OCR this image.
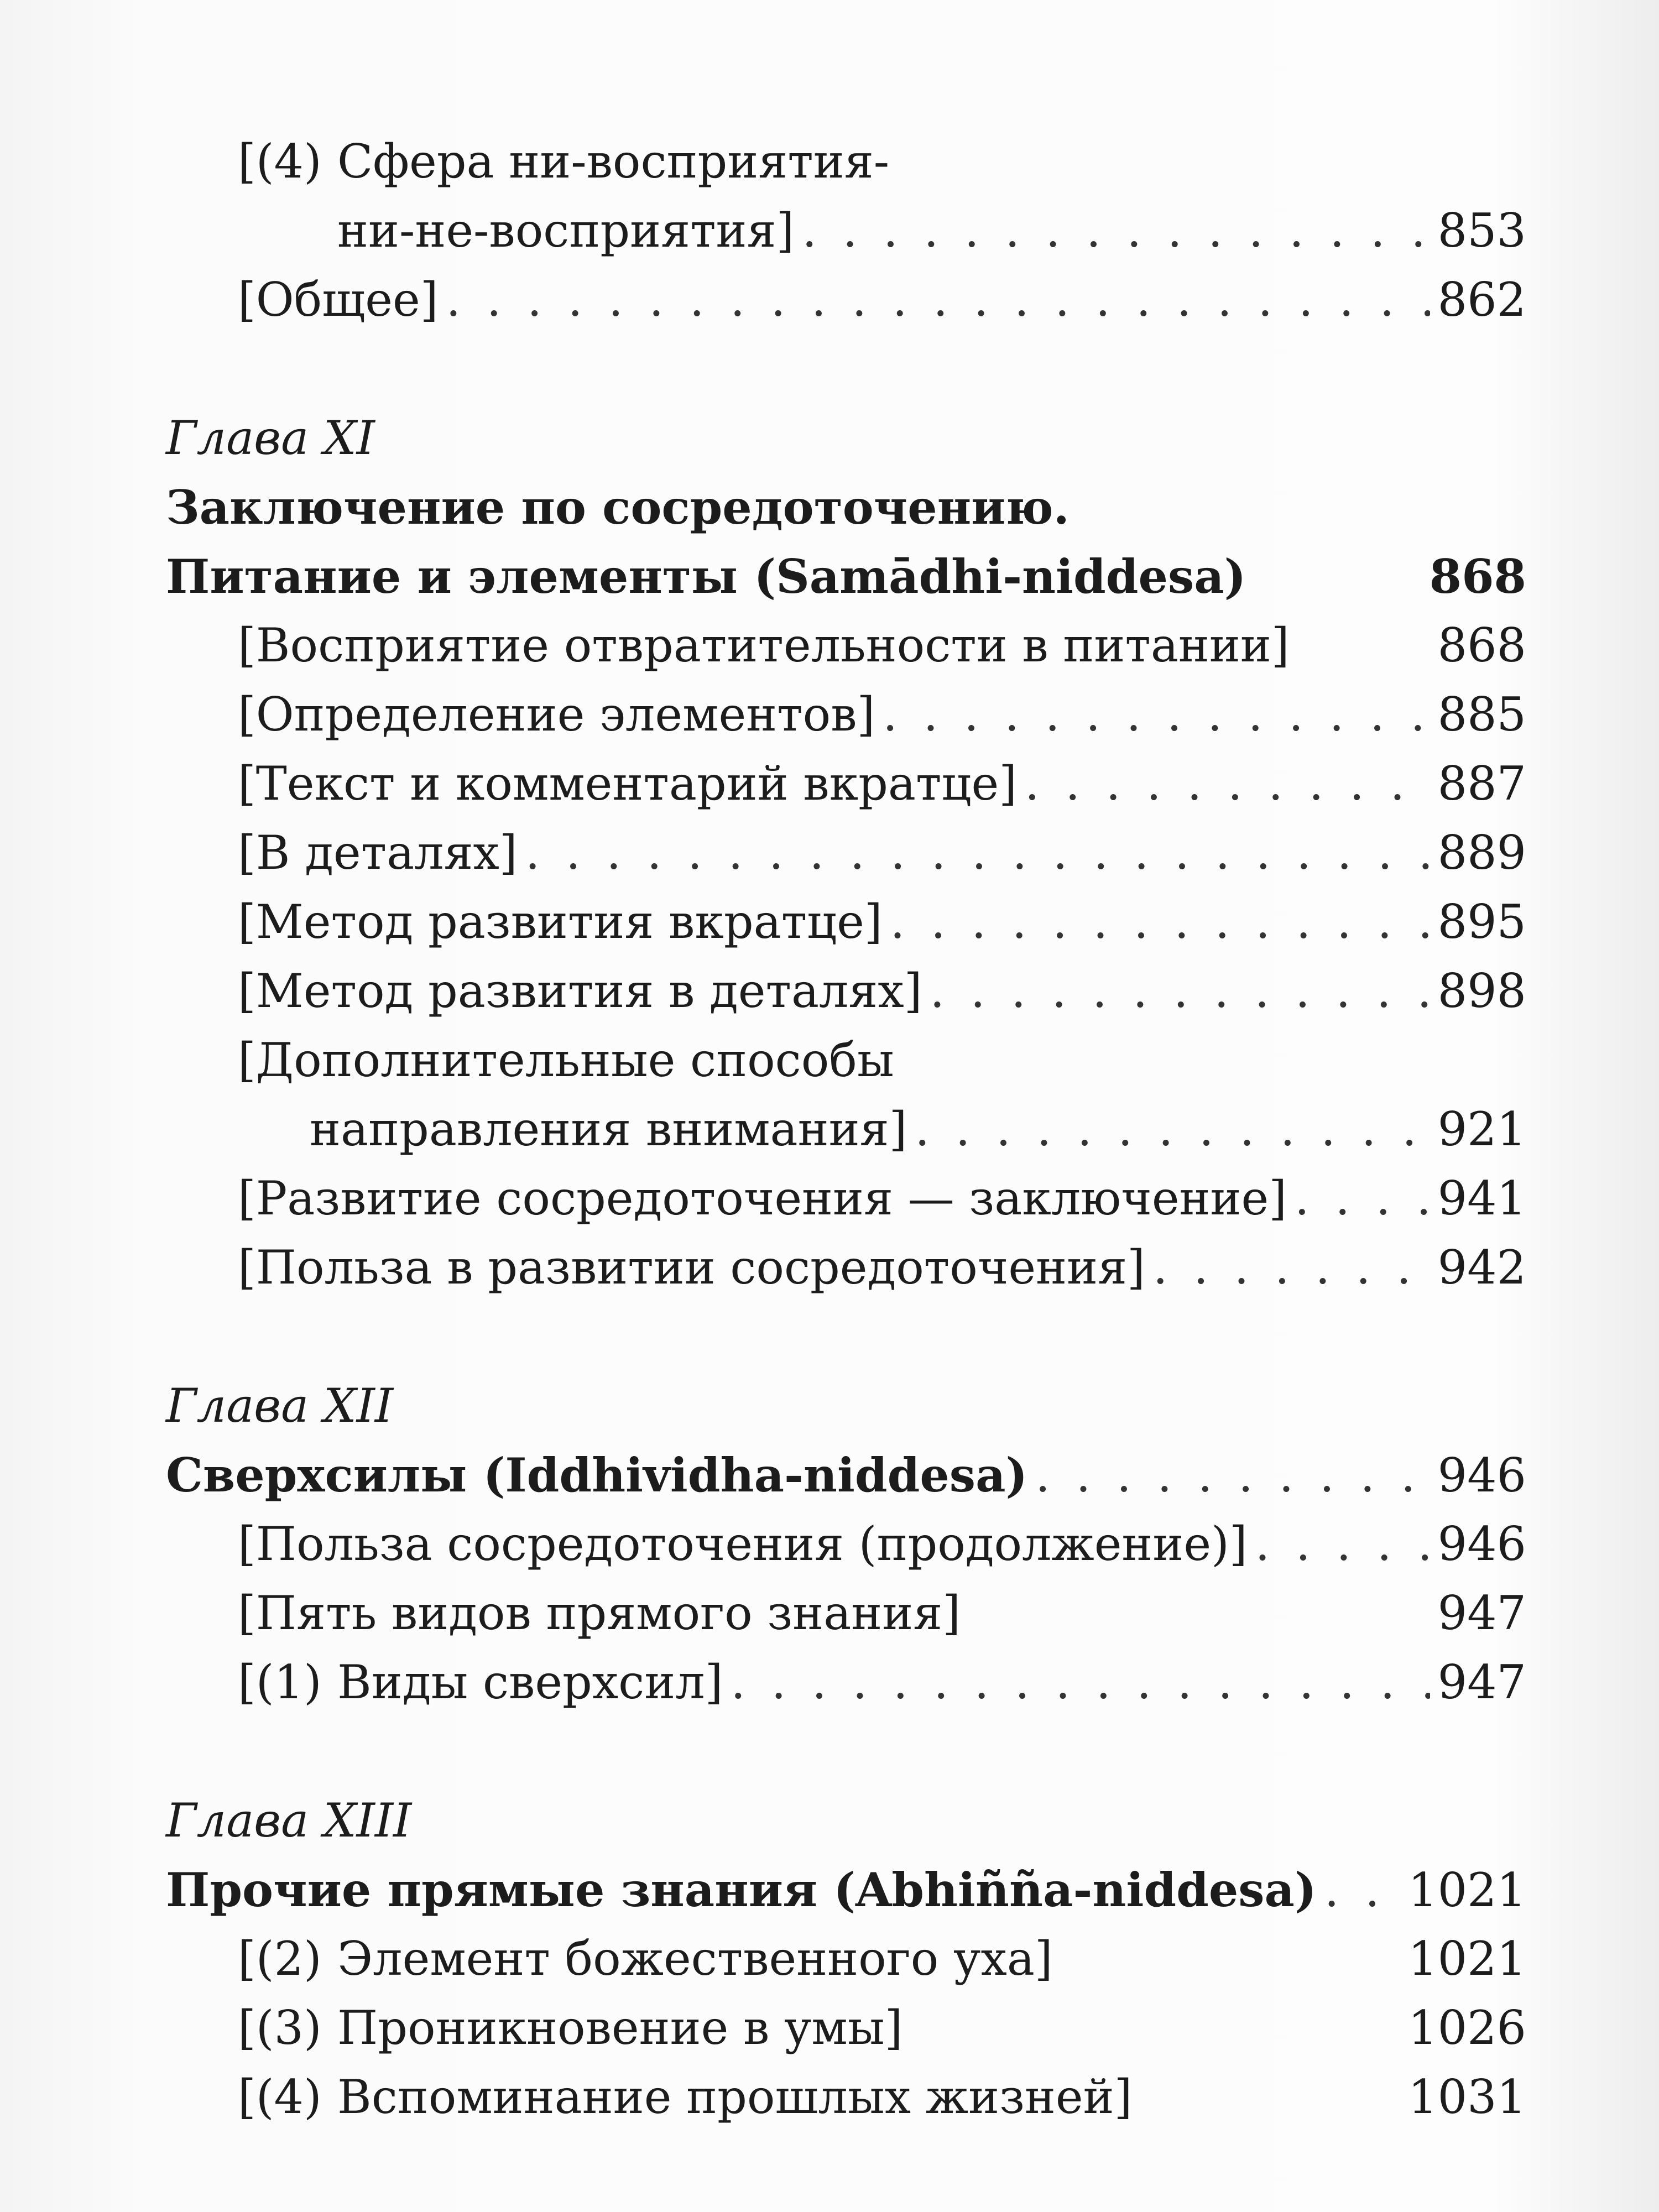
[(4) Сфера ни-восприятия-
ни-не-восприятия] . . .	853
[Общее] . . .	862
Глава XI
Заключение по сосредоточению.
Питание и элементы (Samādhi-niddesa)	868
[Восприятие отвратительности в питании]	868
[Определение элементов] . . .	885
[Текст и комментарий вкратце] . . .	887
[В деталях] . . .	889
[Метод развития вкратце] . . .	895
[Метод развития в деталях] . . .	898
[Дополнительные способы
направления внимания] . . .	921
[Развитие сосредоточения — заключение] . . .	941
[Польза в развитии сосредоточения] . . .	942
Глава XII
Сверхсилы (Iddhividha-niddesa) . . .	946
[Польза сосредоточения (продолжение)] . . .	946
[Пять видов прямого знания]	947
[(1) Виды сверхсил] . . .	947
Глава XIII
Прочие прямые знания (Abhiñña-niddesa) . . . 1021
[(2) Элемент божественного уха]	1021
[(3) Проникновение в умы]	1026
[(4) Вспоминание прошлых жизней]	1031
